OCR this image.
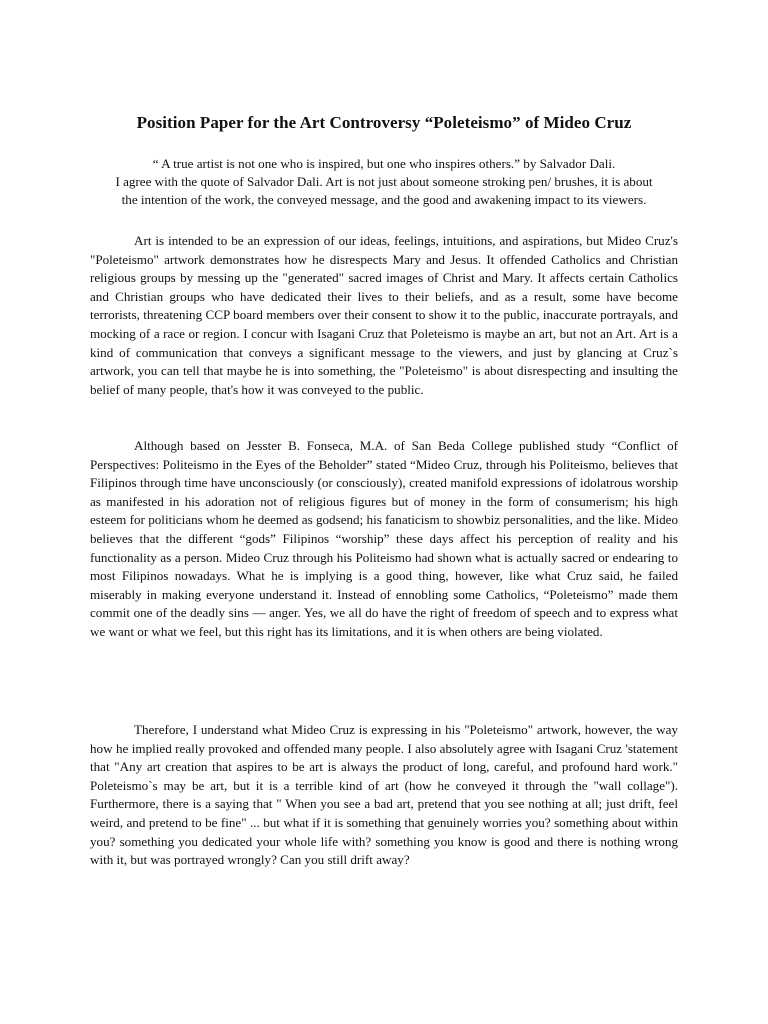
Position Paper for the Art Controversy “Poleteismo” of Mideo Cruz
“ A true artist is not one who is inspired, but one who inspires others.” by Salvador Dali.
I agree with the quote of Salvador Dali. Art is not just about someone stroking pen/ brushes, it is about
the intention of the work, the conveyed message, and the good and awakening impact to its viewers.

Art is intended to be an expression of our ideas, feelings, intuitions, and aspirations, but Mideo Cruz's "Poleteismo" artwork demonstrates how he disrespects Mary and Jesus. It offended Catholics and Christian religious groups by messing up the "generated" sacred images of Christ and Mary. It affects certain Catholics and Christian groups who have dedicated their lives to their beliefs, and as a result, some have become terrorists, threatening CCP board members over their consent to show it to the public, inaccurate portrayals, and mocking of a race or region. I concur with Isagani Cruz that Poleteismo is maybe an art, but not an Art. Art is a kind of communication that conveys a significant message to the viewers, and just by glancing at Cruz`s artwork, you can tell that maybe he is into something, the "Poleteismo" is about disrespecting and insulting the belief of many people, that's how it was conveyed to the public.

Although based on Jesster B. Fonseca, M.A. of San Beda College published study “Conflict of Perspectives: Politeismo in the Eyes of the Beholder” stated “Mideo Cruz, through his Politeismo, believes that Filipinos through time have unconsciously (or consciously), created manifold expressions of idolatrous worship as manifested in his adoration not of religious figures but of money in the form of consumerism; his high esteem for politicians whom he deemed as godsend; his fanaticism to showbiz personalities, and the like. Mideo believes that the different “gods” Filipinos “worship” these days affect his perception of reality and his functionality as a person. Mideo Cruz through his Politeismo had shown what is actually sacred or endearing to most Filipinos nowadays. What he is implying is a good thing, however, like what Cruz said, he failed miserably in making everyone understand it. Instead of ennobling some Catholics, “Poleteismo” made them commit one of the deadly sins — anger. Yes, we all do have the right of freedom of speech and to express what we want or what we feel, but this right has its limitations, and it is when others are being violated.

Therefore, I understand what Mideo Cruz is expressing in his "Poleteismo" artwork, however, the way how he implied really provoked and offended many people. I also absolutely agree with Isagani Cruz 'statement that "Any art creation that aspires to be art is always the product of long, careful, and profound hard work." Poleteismo`s may be art, but it is a terrible kind of art (how he conveyed it through the "wall collage"). Furthermore, there is a saying that " When you see a bad art, pretend that you see nothing at all; just drift, feel weird, and pretend to be fine" ... but what if it is something that genuinely worries you? something about within you? something you dedicated your whole life with? something you know is good and there is nothing wrong with it, but was portrayed wrongly? Can you still drift away?
